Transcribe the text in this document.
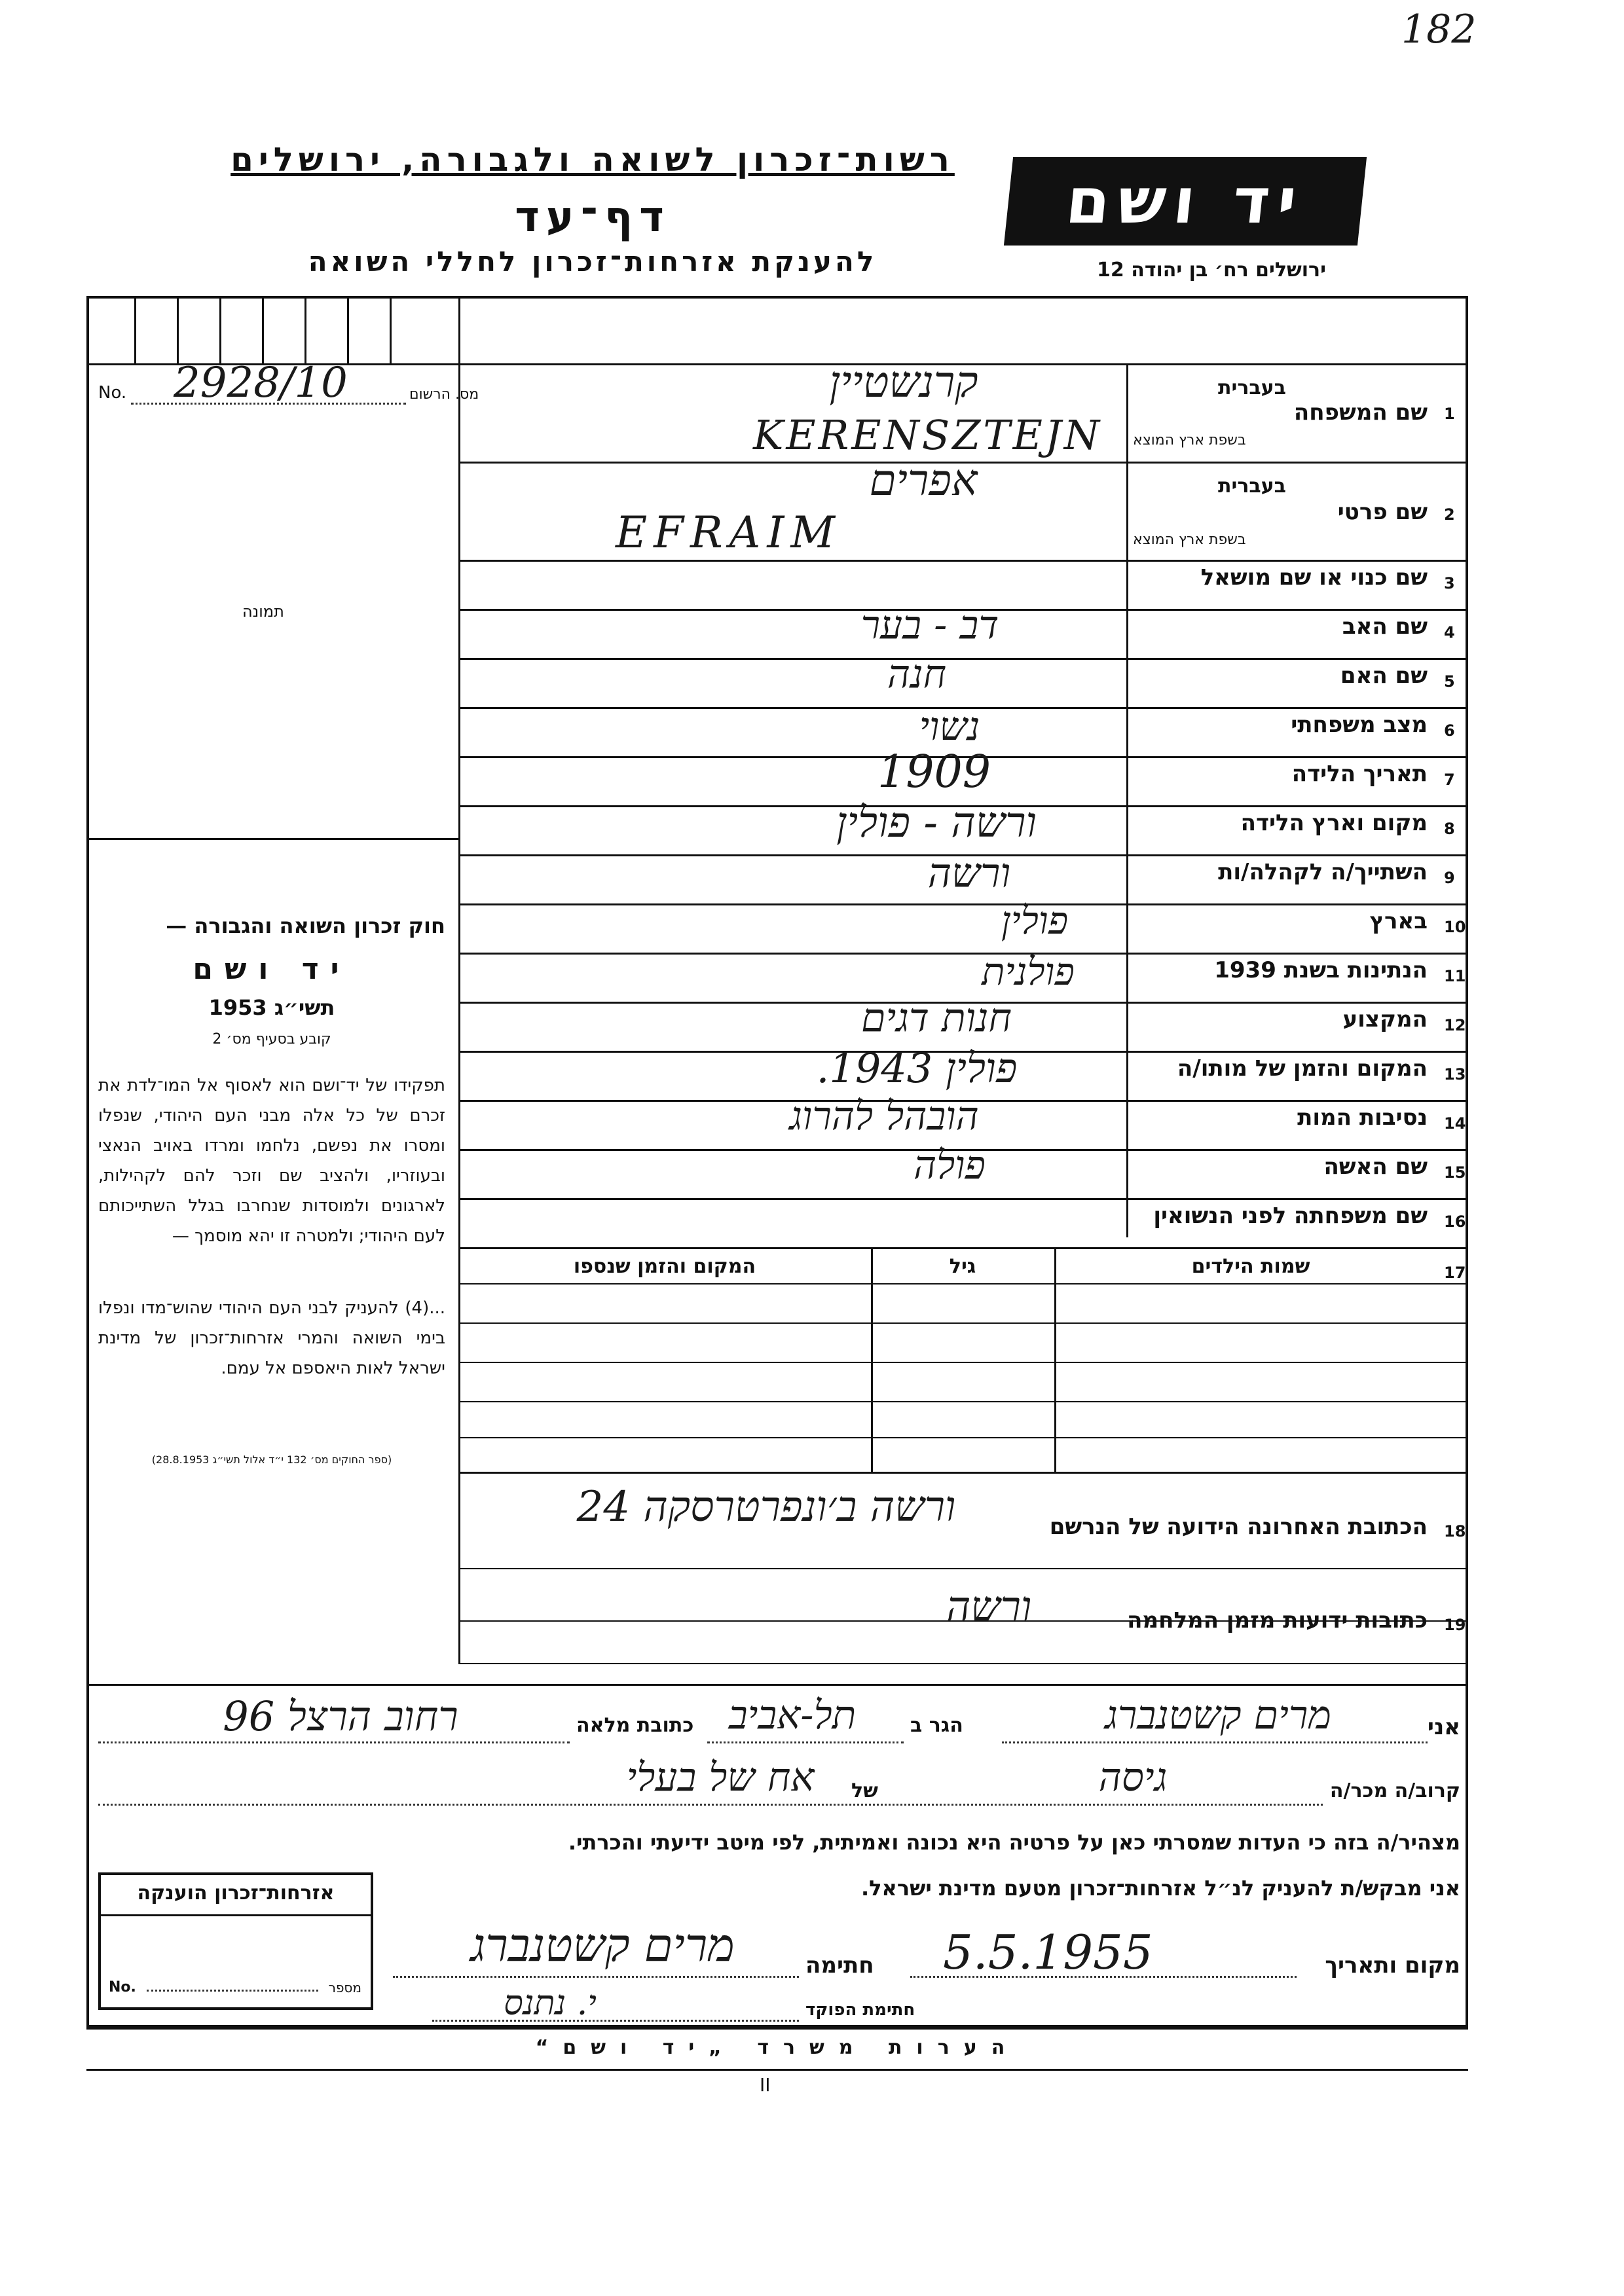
182
רשות־זכרון לשואה ולגבורה, ירושלים
דף־עד
להענקת אזרחות־זכרון לחללי השואה
יד ושם
ירושלים רח׳ בן יהודה 12
No. 2928/10	מס. הרשום
תמונה
חוק זכרון השואה והגבורה —
יד ושם
תשי״ג 1953
קובע בסעיף מס׳ 2
תפקידו של יד־ושם הוא לאסוף אל המו־לדת את זכרם של כל אלה מבני העם היהודי, שנפלו ומסרו את נפשם, נלחמו ומרדו באויב הנאצי ובעוזריו, ולהציב שם וזכר להם לקהילות, לארגונים ולמוסדות שנחרבו בגלל השתייכותם לעם היהודי; ולמטרה זו יהא מוסמך —
...(4) להעניק לבני העם היהודי שהוש־מדו ונפלו בימי השואה והמרי אזרחות־זכרון של מדינת ישראל לאות היאספם אל עמם.
(ספר החוקים מס׳ 132 י״ד אלול תשי״ג 28.8.1953)
1
שם המשפחה
בעברית
בשפת ארץ המוצא
קרנשטיין
KERENSZTEJN
2
שם פרטי
בעברית
בשפת ארץ המוצא
אפרים
EFRAIM
3
שם כנוי או שם מושאל
4
שם האב
דב - בער
5
שם האם
חנה
6
מצב משפחתי
נשוי
7
תאריך הלידה
1909
8
מקום וארץ הלידה
ורשה - פולין
9
השתייך/ה לקהלה/ות
ורשה
10
בארץ
פולין
11
הנתינות בשנת 1939
פולנית
12
המקצוע
חנות דגים
13
המקום והזמן של מותו/ה
פולין 1943.
14
נסיבות המות
הובהל להרוג
15
שם האשה
פולה
16
שם משפחתה לפני הנשואין
17
שמות הילדים
גיל
המקום והזמן שנספו
18
הכתובת האחרונה הידועה של הנרשם
ורשה ב׳ונפרטרסקה 24
19
כתובות ידועות מזמן המלחמה
ורשה
אני
מרים קשטנברג
הגר ב
תל-אביב
כתובת מלאה
רחוב הרצל 96
קרוב/ה מכר/ה
גיסה
של
אח של בעלי
מצהיר/ה בזה כי העדות שמסרתי כאן על פרטיה היא נכונה ואמיתית, לפי מיטב ידיעתי והכרתי.
אני מבקש/ת להעניק לנ״ל אזרחות־זכרון מטעם מדינת ישראל.
מקום ותאריך
5.5.1955
חתימה
מרים קשטנברג
חתימת הפוקד
י. נתנס
אזרחות־זכרון הוענקה
No.	מספר
הערות משרד „יד ושם“
II
